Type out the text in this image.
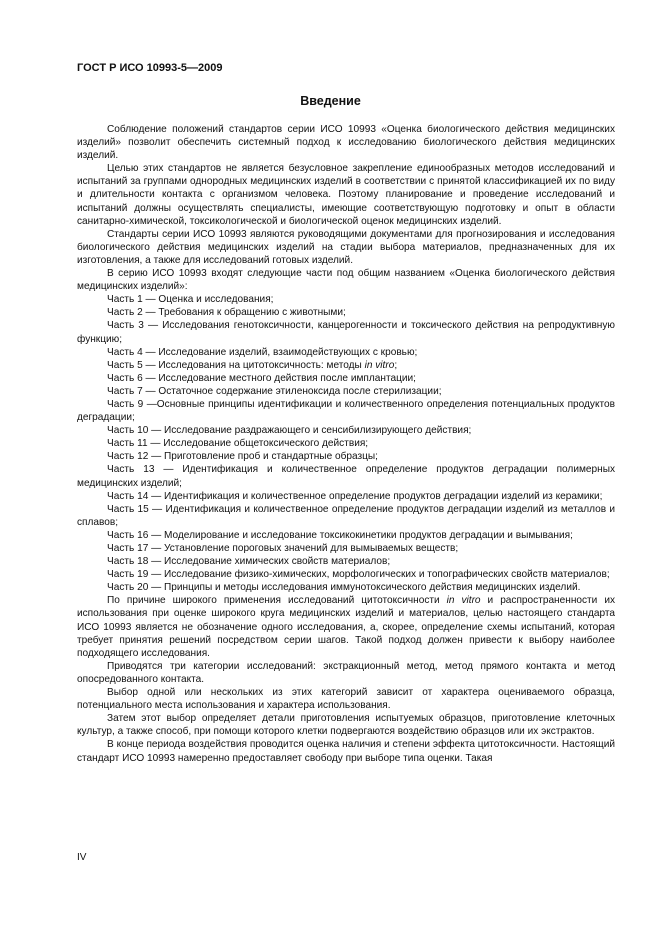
ГОСТ Р ИСО 10993-5—2009
Введение

Соблюдение положений стандартов серии ИСО 10993 «Оценка биологического действия медицинских изделий» позволит обеспечить системный подход к исследованию биологического действия медицинских изделий.

Целью этих стандартов не является безусловное закрепление единообразных методов исследований и испытаний за группами однородных медицинских изделий в соответствии с принятой классификацией их по виду и длительности контакта с организмом человека. Поэтому планирование и проведение исследований и испытаний должны осуществлять специалисты, имеющие соответствующую подготовку и опыт в области санитарно-химической, токсикологической и биологической оценок медицинских изделий.

Стандарты серии ИСО 10993 являются руководящими документами для прогнозирования и исследования биологического действия медицинских изделий на стадии выбора материалов, предназначенных для их изготовления, а также для исследований готовых изделий.

В серию ИСО 10993 входят следующие части под общим названием «Оценка биологического действия медицинских изделий»:

Часть 1 — Оценка и исследования;

Часть 2 — Требования к обращению с животными;

Часть 3 — Исследования генотоксичности, канцерогенности и токсического действия на репродуктивную функцию;

Часть 4 — Исследование изделий, взаимодействующих с кровью;

Часть 5 — Исследования на цитотоксичность: методы in vitro;

Часть 6 — Исследование местного действия после имплантации;

Часть 7 — Остаточное содержание этиленоксида после стерилизации;

Часть 9 —Основные принципы идентификации и количественного определения потенциальных продуктов деградации;

Часть 10 — Исследование раздражающего и сенсибилизирующего действия;

Часть 11 — Исследование общетоксического действия;

Часть 12 — Приготовление проб и стандартные образцы;

Часть 13 — Идентификация и количественное определение продуктов деградации полимерных медицинских изделий;

Часть 14 — Идентификация и количественное определение продуктов деградации изделий из керамики;

Часть 15 — Идентификация и количественное определение продуктов деградации изделий из металлов и сплавов;

Часть 16 — Моделирование и исследование токсикокинетики продуктов деградации и вымывания;

Часть 17 — Установление пороговых значений для вымываемых веществ;

Часть 18 — Исследование химических свойств материалов;

Часть 19 — Исследование физико-химических, морфологических и топографических свойств материалов;

Часть 20 — Принципы и методы исследования иммунотоксического действия медицинских изделий.

По причине широкого применения исследований цитотоксичности in vitro и распространенности их использования при оценке широкого круга медицинских изделий и материалов, целью настоящего стандарта ИСО 10993 является не обозначение одного исследования, а, скорее, определение схемы испытаний, которая требует принятия решений посредством серии шагов. Такой подход должен привести к выбору наиболее подходящего исследования.

Приводятся три категории исследований: экстракционный метод, метод прямого контакта и метод опосредованного контакта.

Выбор одной или нескольких из этих категорий зависит от характера оцениваемого образца, потенциального места использования и характера использования.

Затем этот выбор определяет детали приготовления испытуемых образцов, приготовление клеточных культур, а также способ, при помощи которого клетки подвергаются воздействию образцов или их экстрактов.

В конце периода воздействия проводится оценка наличия и степени эффекта цитотоксичности. Настоящий стандарт ИСО 10993 намеренно предоставляет свободу при выборе типа оценки. Такая

IV
